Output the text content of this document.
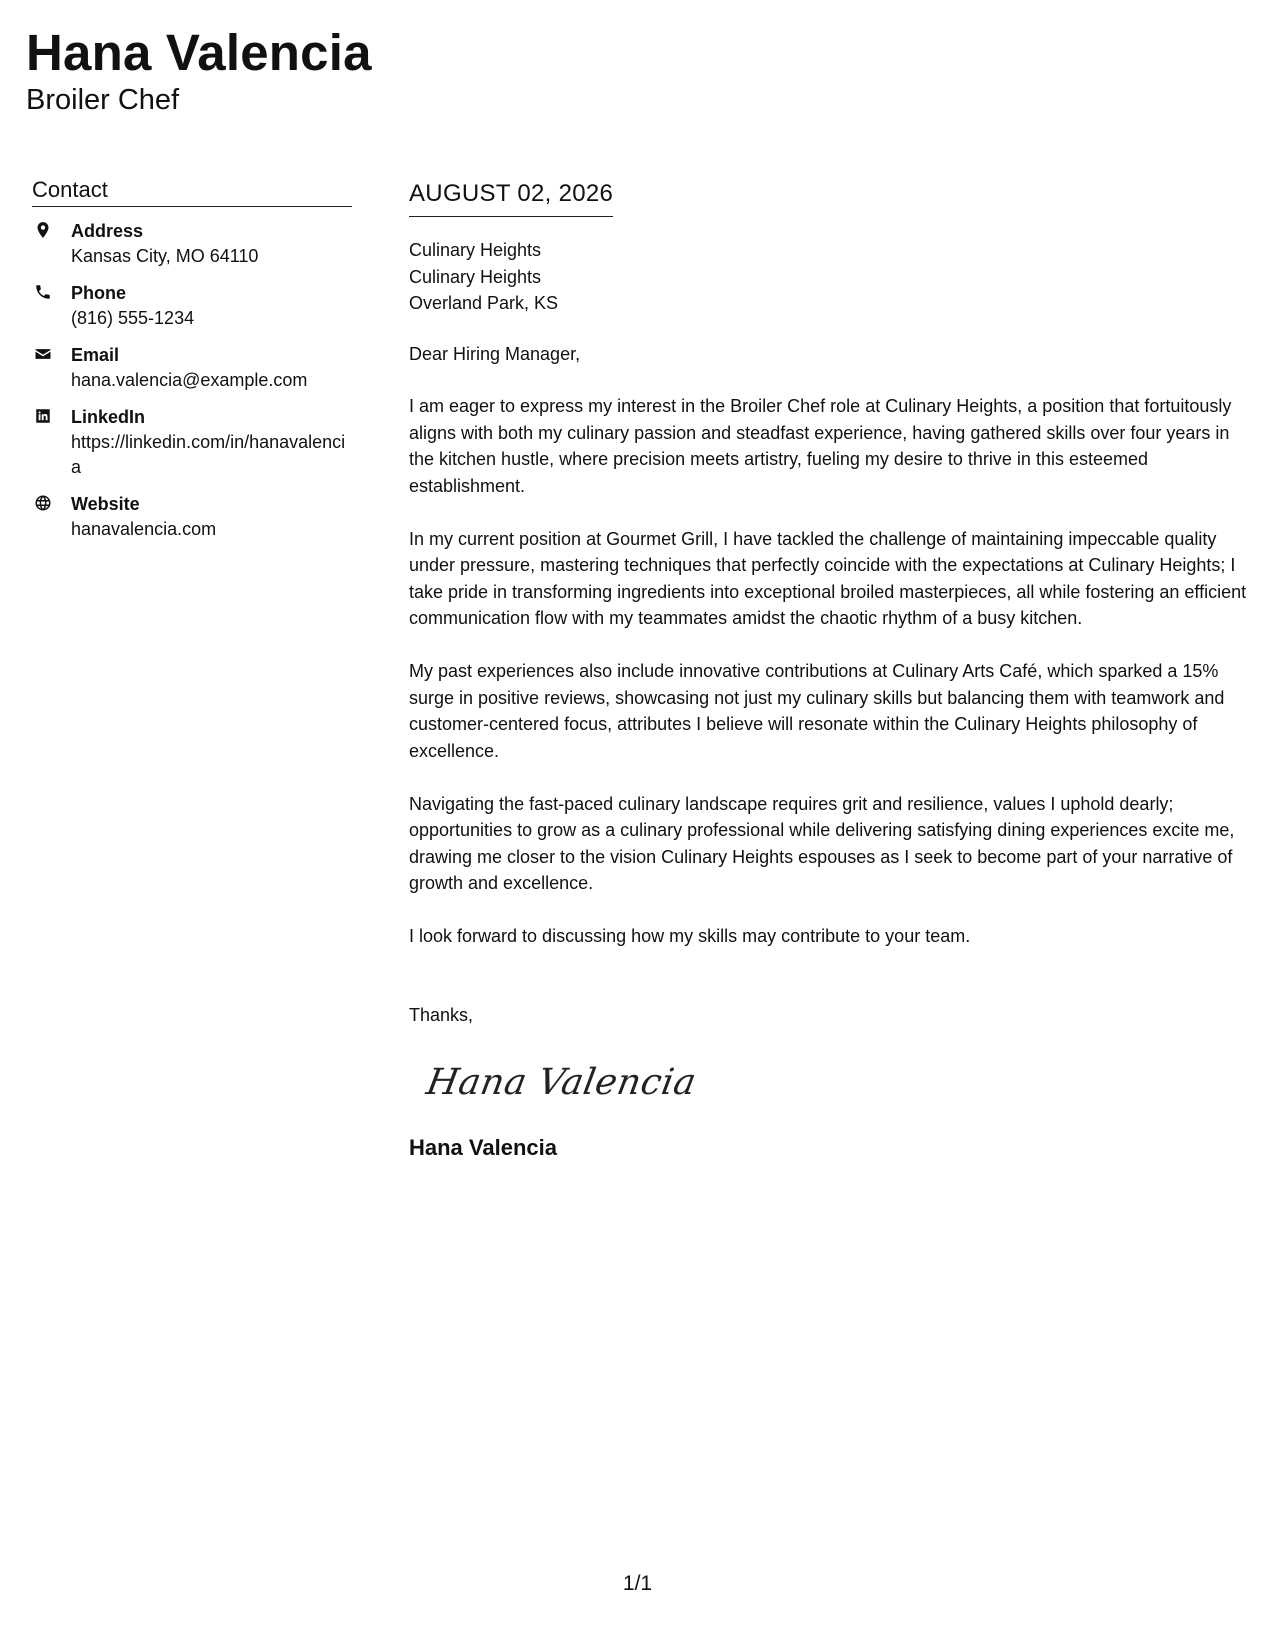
Hana Valencia
Broiler Chef
Contact
Address
Kansas City, MO 64110
Phone
(816) 555-1234
Email
hana.valencia@example.com
LinkedIn
https://linkedin.com/in/hanavalencia
Website
hanavalencia.com
AUGUST 02, 2026
Culinary Heights
Culinary Heights
Overland Park, KS
Dear Hiring Manager,

I am eager to express my interest in the Broiler Chef role at Culinary Heights, a position that fortuitously aligns with both my culinary passion and steadfast experience, having gathered skills over four years in the kitchen hustle, where precision meets artistry, fueling my desire to thrive in this esteemed establishment.

In my current position at Gourmet Grill, I have tackled the challenge of maintaining impeccable quality under pressure, mastering techniques that perfectly coincide with the expectations at Culinary Heights; I take pride in transforming ingredients into exceptional broiled masterpieces, all while fostering an efficient communication flow with my teammates amidst the chaotic rhythm of a busy kitchen.

My past experiences also include innovative contributions at Culinary Arts Café, which sparked a 15% surge in positive reviews, showcasing not just my culinary skills but balancing them with teamwork and customer-centered focus, attributes I believe will resonate within the Culinary Heights philosophy of excellence.

Navigating the fast-paced culinary landscape requires grit and resilience, values I uphold dearly; opportunities to grow as a culinary professional while delivering satisfying dining experiences excite me, drawing me closer to the vision Culinary Heights espouses as I seek to become part of your narrative of growth and excellence.

I look forward to discussing how my skills may contribute to your team.

Thanks,
Hana Valencia
Hana Valencia
1/1
